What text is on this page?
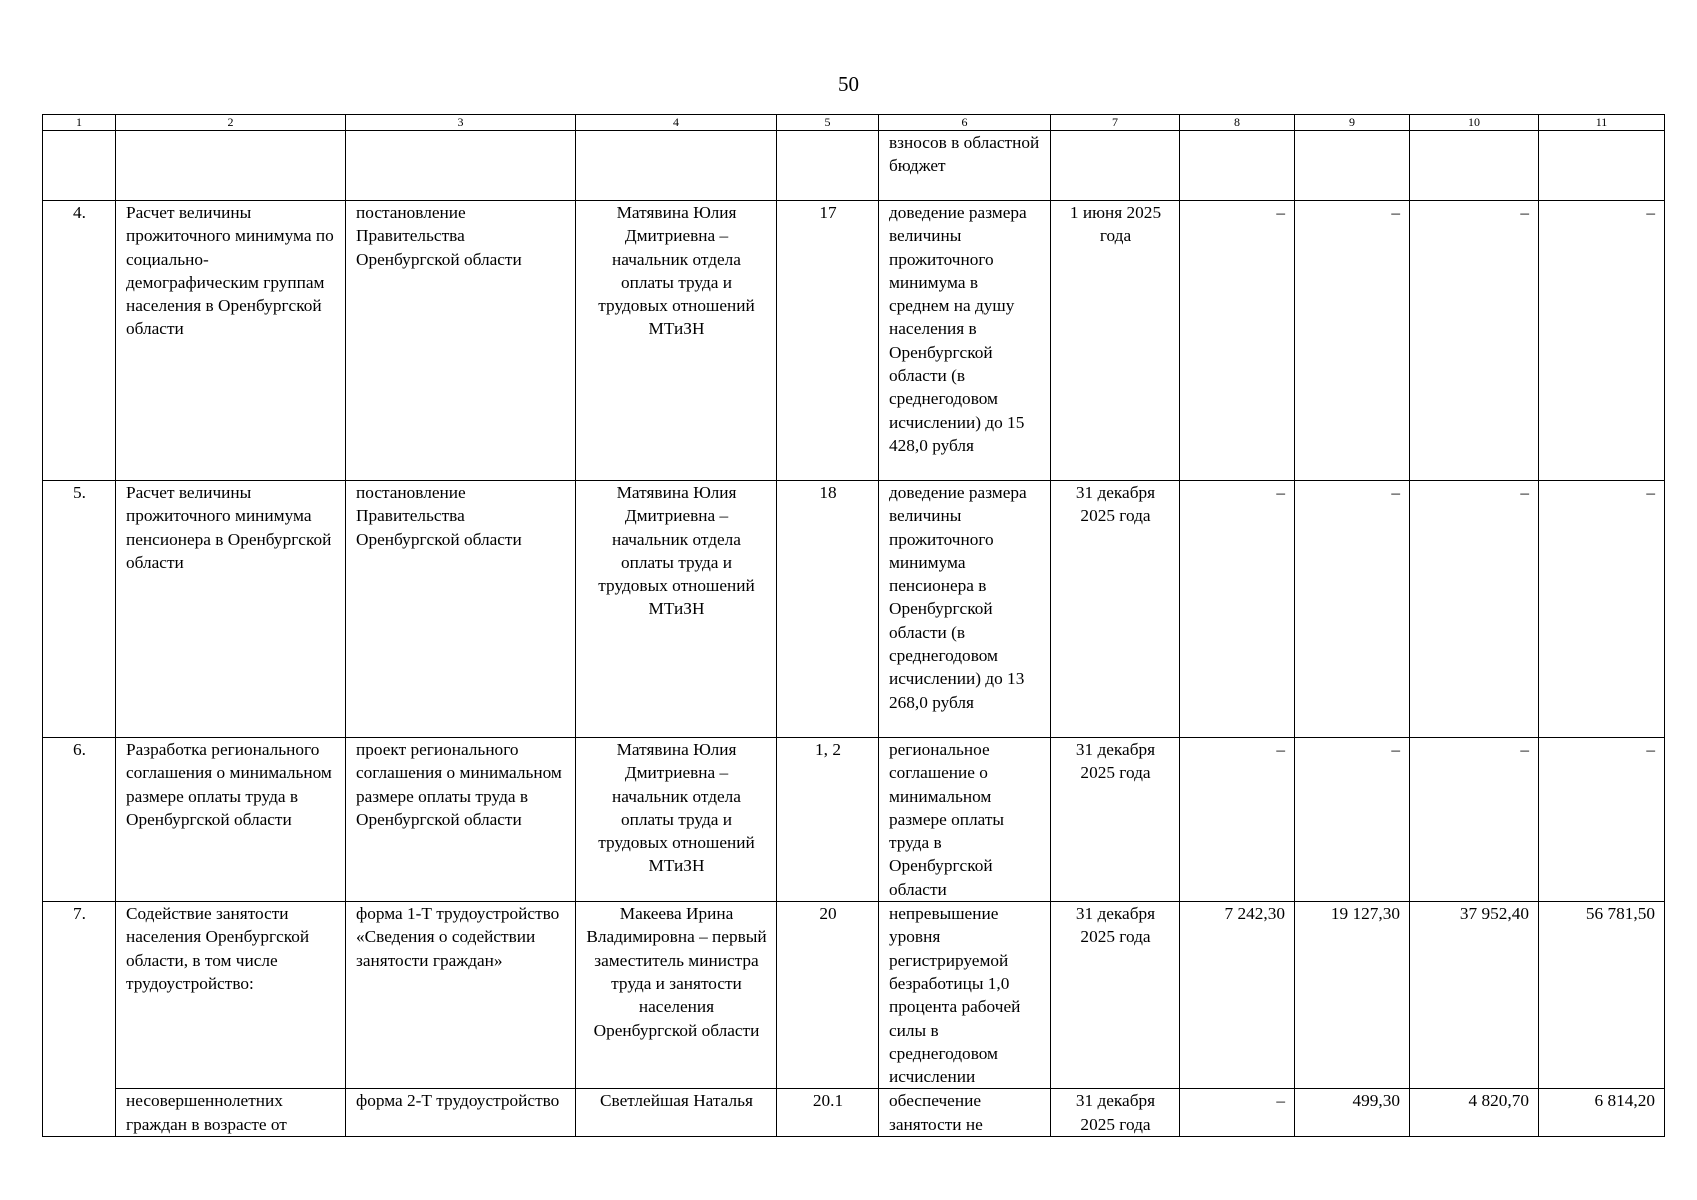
50
1	2	3	4	5	6	7	8	9	10	11
					взносов в областной бюджет					
4.	Расчет величины прожиточного минимума по социально-демографическим группам населения в Оренбургской области	постановление Правительства Оренбургской области	Матявина Юлия Дмитриевна – начальник отдела оплаты труда и трудовых отношений МТиЗН	17	доведение размера величины прожиточного минимума в среднем на душу населения в Оренбургской области (в среднегодовом исчислении) до 15 428,0 рубля	1 июня 2025 года	–	–	–	–
5.	Расчет величины прожиточного минимума пенсионера в Оренбургской области	постановление Правительства Оренбургской области	Матявина Юлия Дмитриевна – начальник отдела оплаты труда и трудовых отношений МТиЗН	18	доведение размера величины прожиточного минимума пенсионера в Оренбургской области (в среднегодовом исчислении) до 13 268,0 рубля	31 декабря 2025 года	–	–	–	–
6.	Разработка регионального соглашения о минимальном размере оплаты труда в Оренбургской области	проект регионального соглашения о минимальном размере оплаты труда в Оренбургской области	Матявина Юлия Дмитриевна – начальник отдела оплаты труда и трудовых отношений МТиЗН	1, 2	региональное соглашение о минимальном размере оплаты труда в Оренбургской области	31 декабря 2025 года	–	–	–	–
7.	Содействие занятости населения Оренбургской области, в том числе трудоустройство:	форма 1-Т трудоустройство «Сведения о содействии занятости граждан»	Макеева Ирина Владимировна – первый заместитель министра труда и занятости населения Оренбургской области	20	непревышение уровня регистрируемой безработицы 1,0 процента рабочей силы в среднегодовом исчислении	31 декабря 2025 года	7 242,30	19 127,30	37 952,40	56 781,50
	несовершеннолетних граждан в возрасте от	форма 2-Т трудоустройство	Светлейшая Наталья	20.1	обеспечение занятости не	31 декабря 2025 года	–	499,30	4 820,70	6 814,20
